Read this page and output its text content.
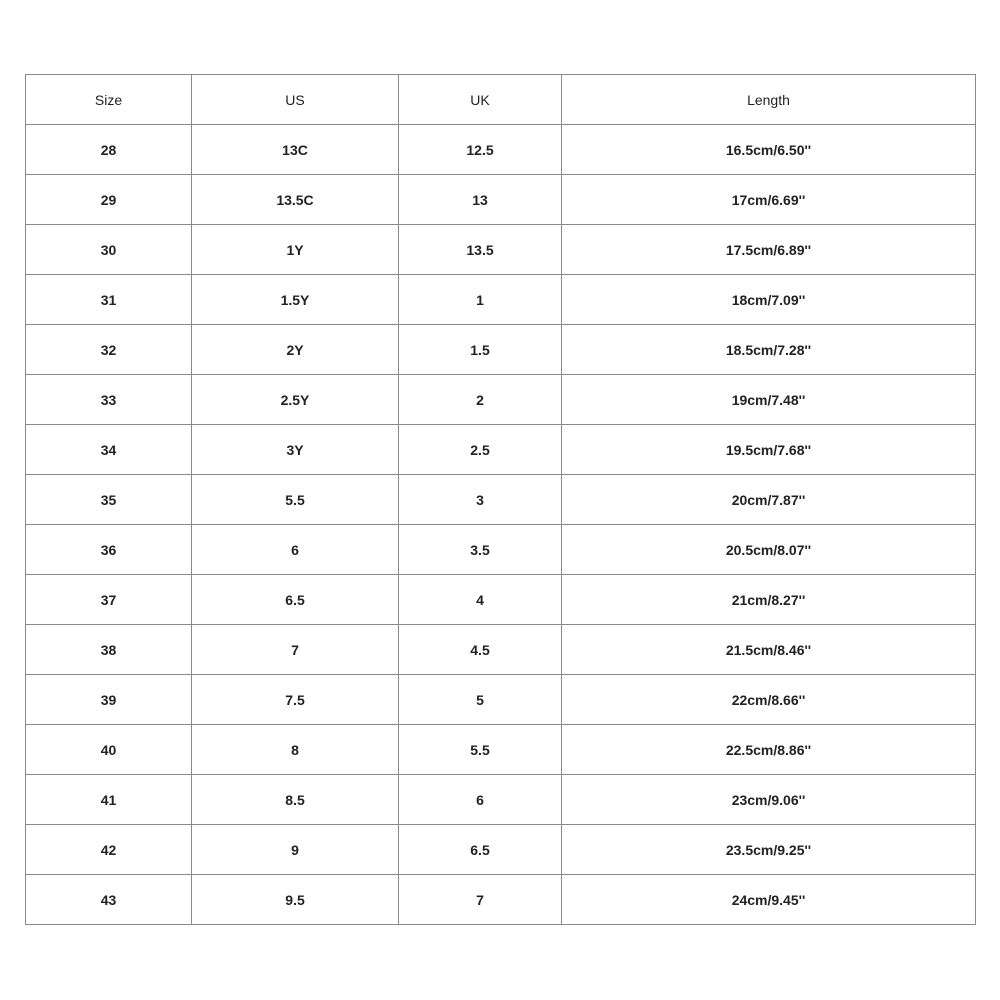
Size	US	UK	Length
28	13C	12.5	16.5cm/6.50''
29	13.5C	13	17cm/6.69''
30	1Y	13.5	17.5cm/6.89''
31	1.5Y	1	18cm/7.09''
32	2Y	1.5	18.5cm/7.28''
33	2.5Y	2	19cm/7.48''
34	3Y	2.5	19.5cm/7.68''
35	5.5	3	20cm/7.87''
36	6	3.5	20.5cm/8.07''
37	6.5	4	21cm/8.27''
38	7	4.5	21.5cm/8.46''
39	7.5	5	22cm/8.66''
40	8	5.5	22.5cm/8.86''
41	8.5	6	23cm/9.06''
42	9	6.5	23.5cm/9.25''
43	9.5	7	24cm/9.45''
